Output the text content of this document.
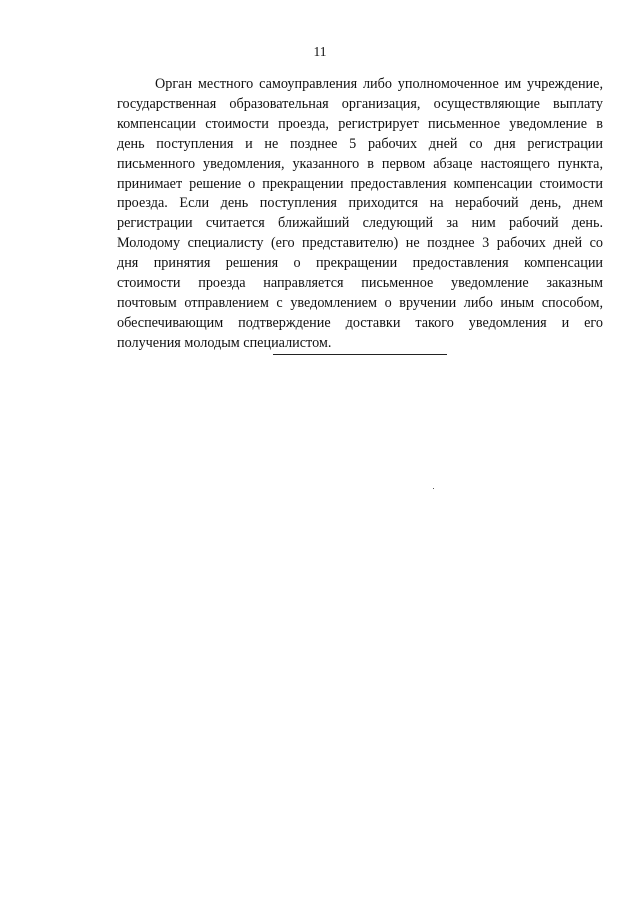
11
Орган местного самоуправления либо уполномоченное им учреждение,
государственная образовательная организация, осуществляющие выплату
компенсации стоимости проезда, регистрирует письменное уведомление в
день поступления и не позднее 5 рабочих дней со дня регистрации
письменного уведомления, указанного в первом абзаце настоящего пункта,
принимает решение о прекращении предоставления компенсации стоимости
проезда. Если день поступления приходится на нерабочий день, днем
регистрации считается ближайший следующий за ним рабочий день.
Молодому специалисту (его представителю) не позднее 3 рабочих дней со
дня принятия решения о прекращении предоставления компенсации
стоимости проезда направляется письменное уведомление заказным
почтовым отправлением с уведомлением о вручении либо иным способом,
обеспечивающим подтверждение доставки такого уведомления и его
получения молодым специалистом.
